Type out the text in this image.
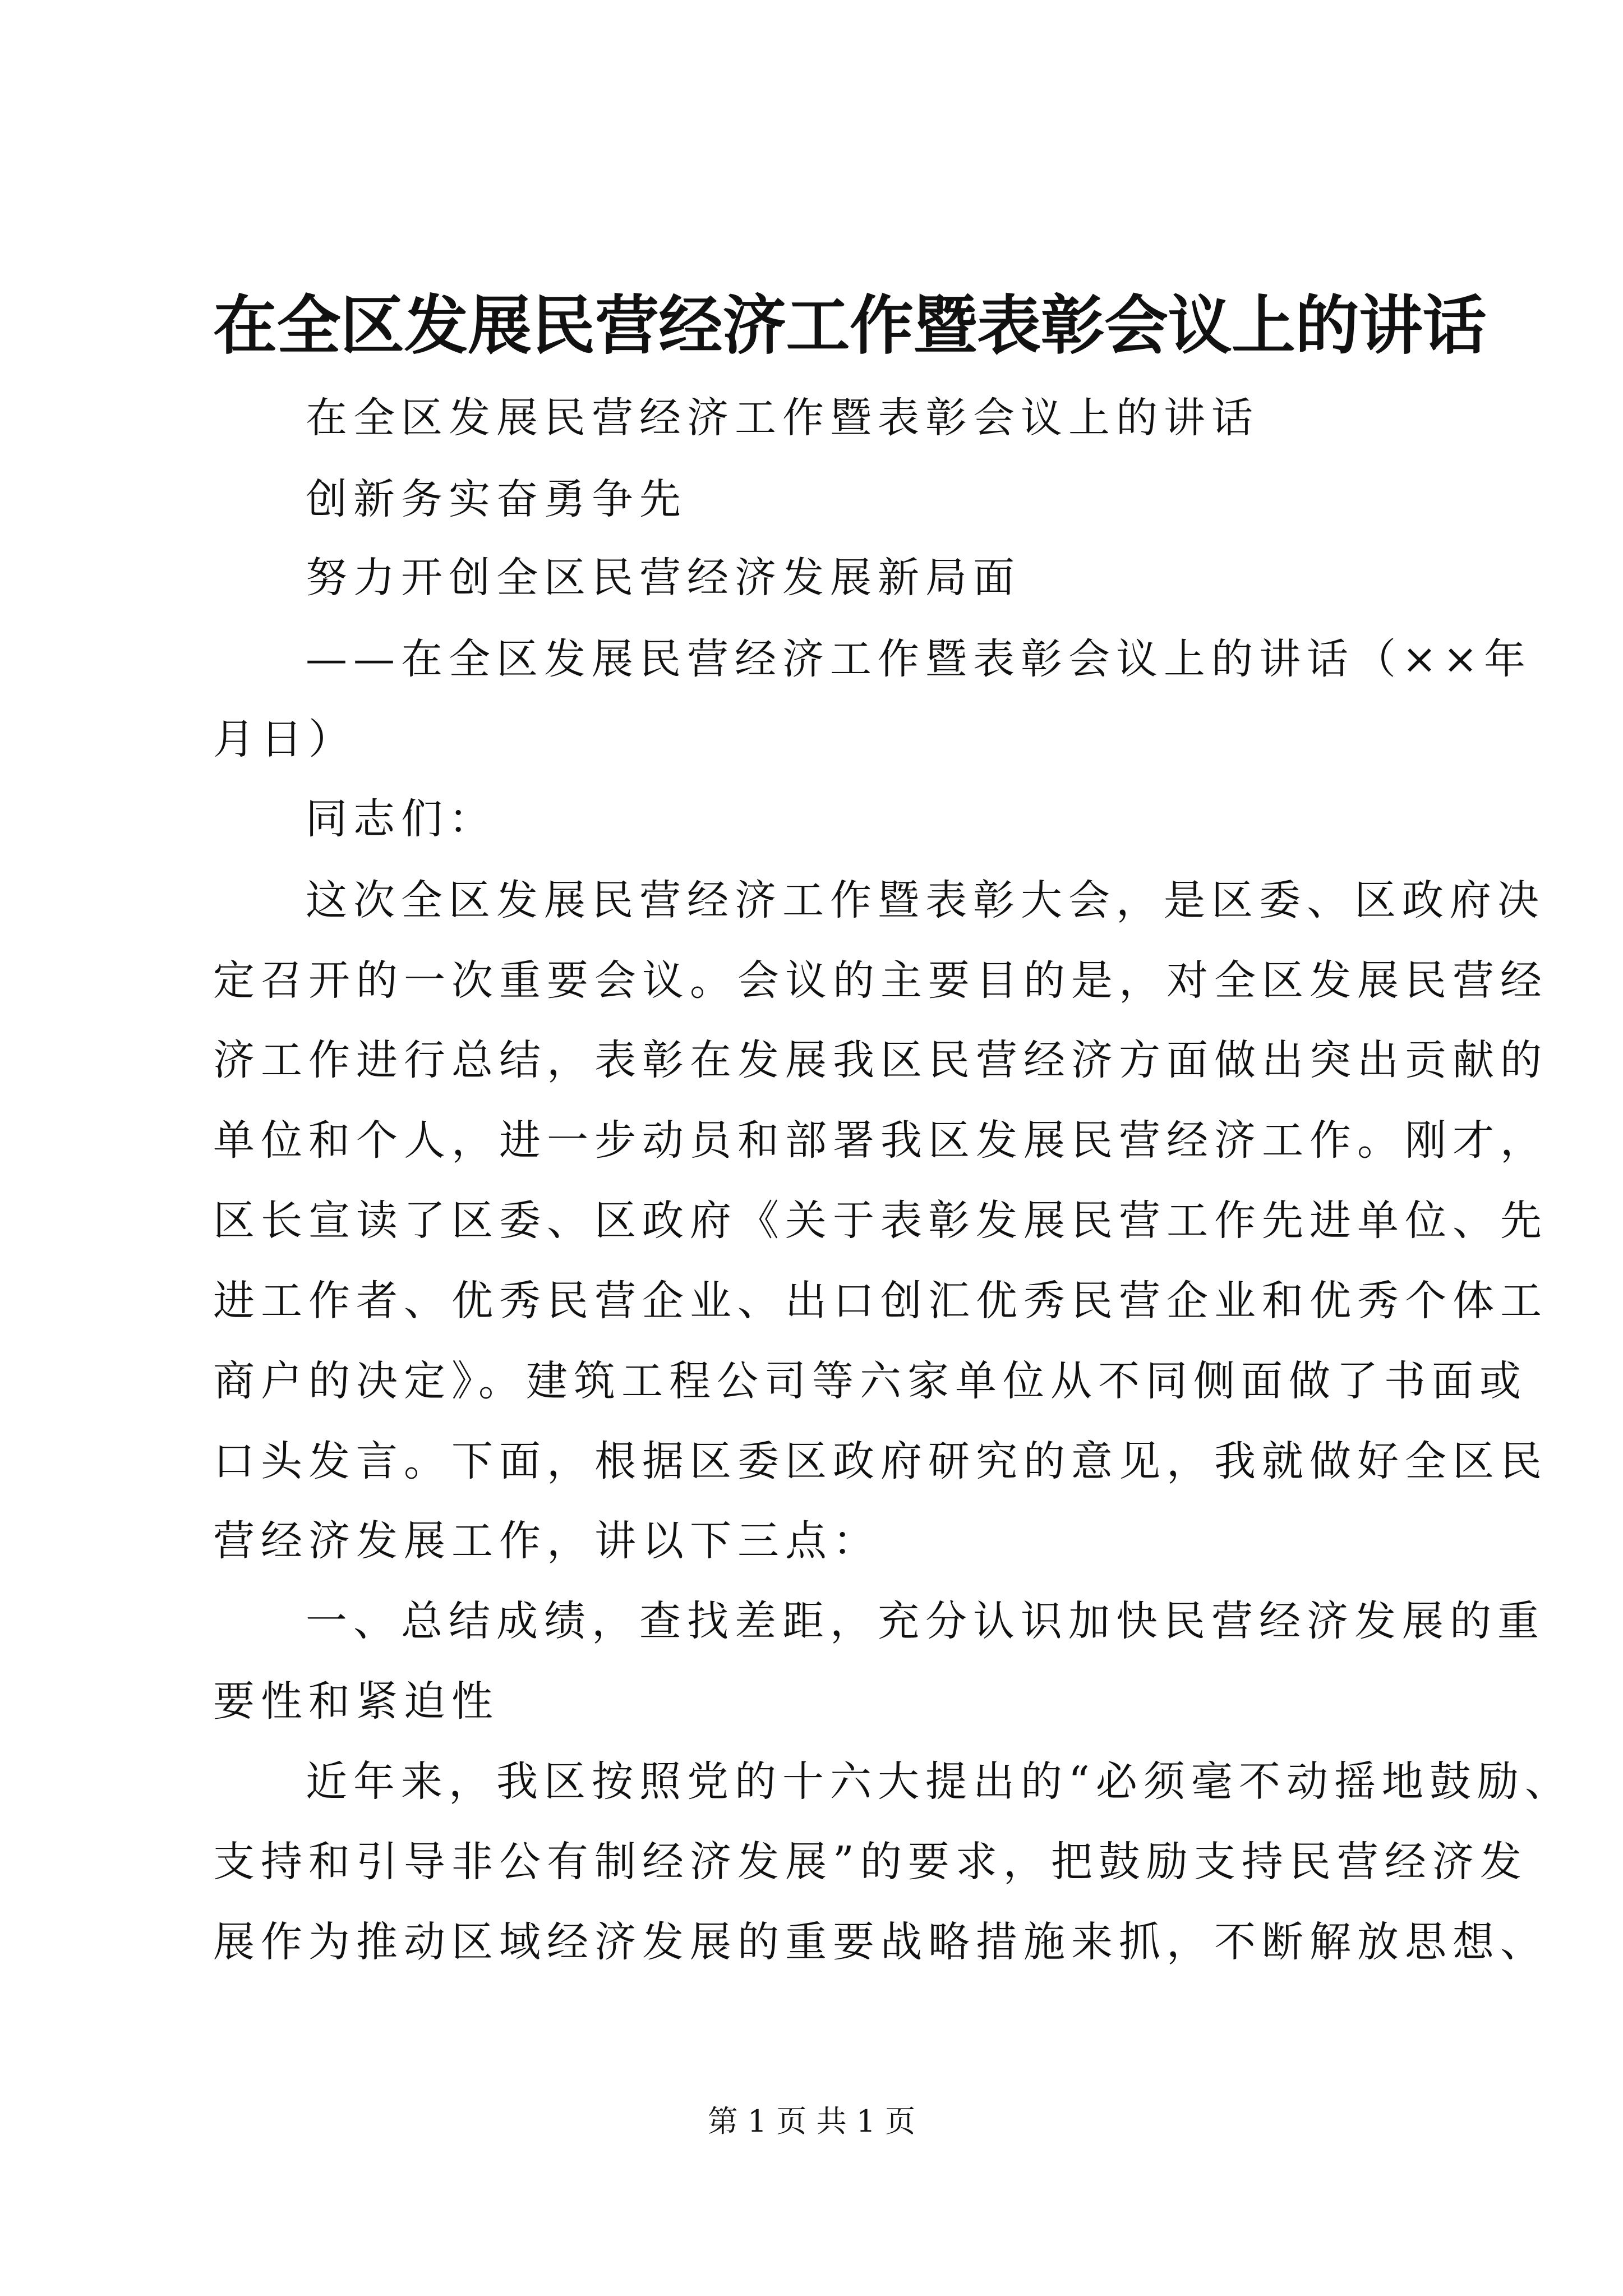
在全区发展民营经济工作暨表彰会议上的讲话
在全区发展民营经济工作暨表彰会议上的讲话
创新务实奋勇争先
努力开创全区民营经济发展新局面
——在全区发展民营经济工作暨表彰会议上的讲话（××年
月日）
同志们：
这次全区发展民营经济工作暨表彰大会，是区委、区政府决
定召开的一次重要会议。会议的主要目的是，对全区发展民营经
济工作进行总结，表彰在发展我区民营经济方面做出突出贡献的
单位和个人，进一步动员和部署我区发展民营经济工作。刚才，
区长宣读了区委、区政府《关于表彰发展民营工作先进单位、先
进工作者、优秀民营企业、出口创汇优秀民营企业和优秀个体工
商户的决定》。建筑工程公司等六家单位从不同侧面做了书面或
口头发言。下面，根据区委区政府研究的意见，我就做好全区民
营经济发展工作，讲以下三点：
一、总结成绩，查找差距，充分认识加快民营经济发展的重
要性和紧迫性
近年来，我区按照党的十六大提出的“必须毫不动摇地鼓励、
支持和引导非公有制经济发展”的要求，把鼓励支持民营经济发
展作为推动区域经济发展的重要战略措施来抓，不断解放思想、
第 1 页 共 1 页
